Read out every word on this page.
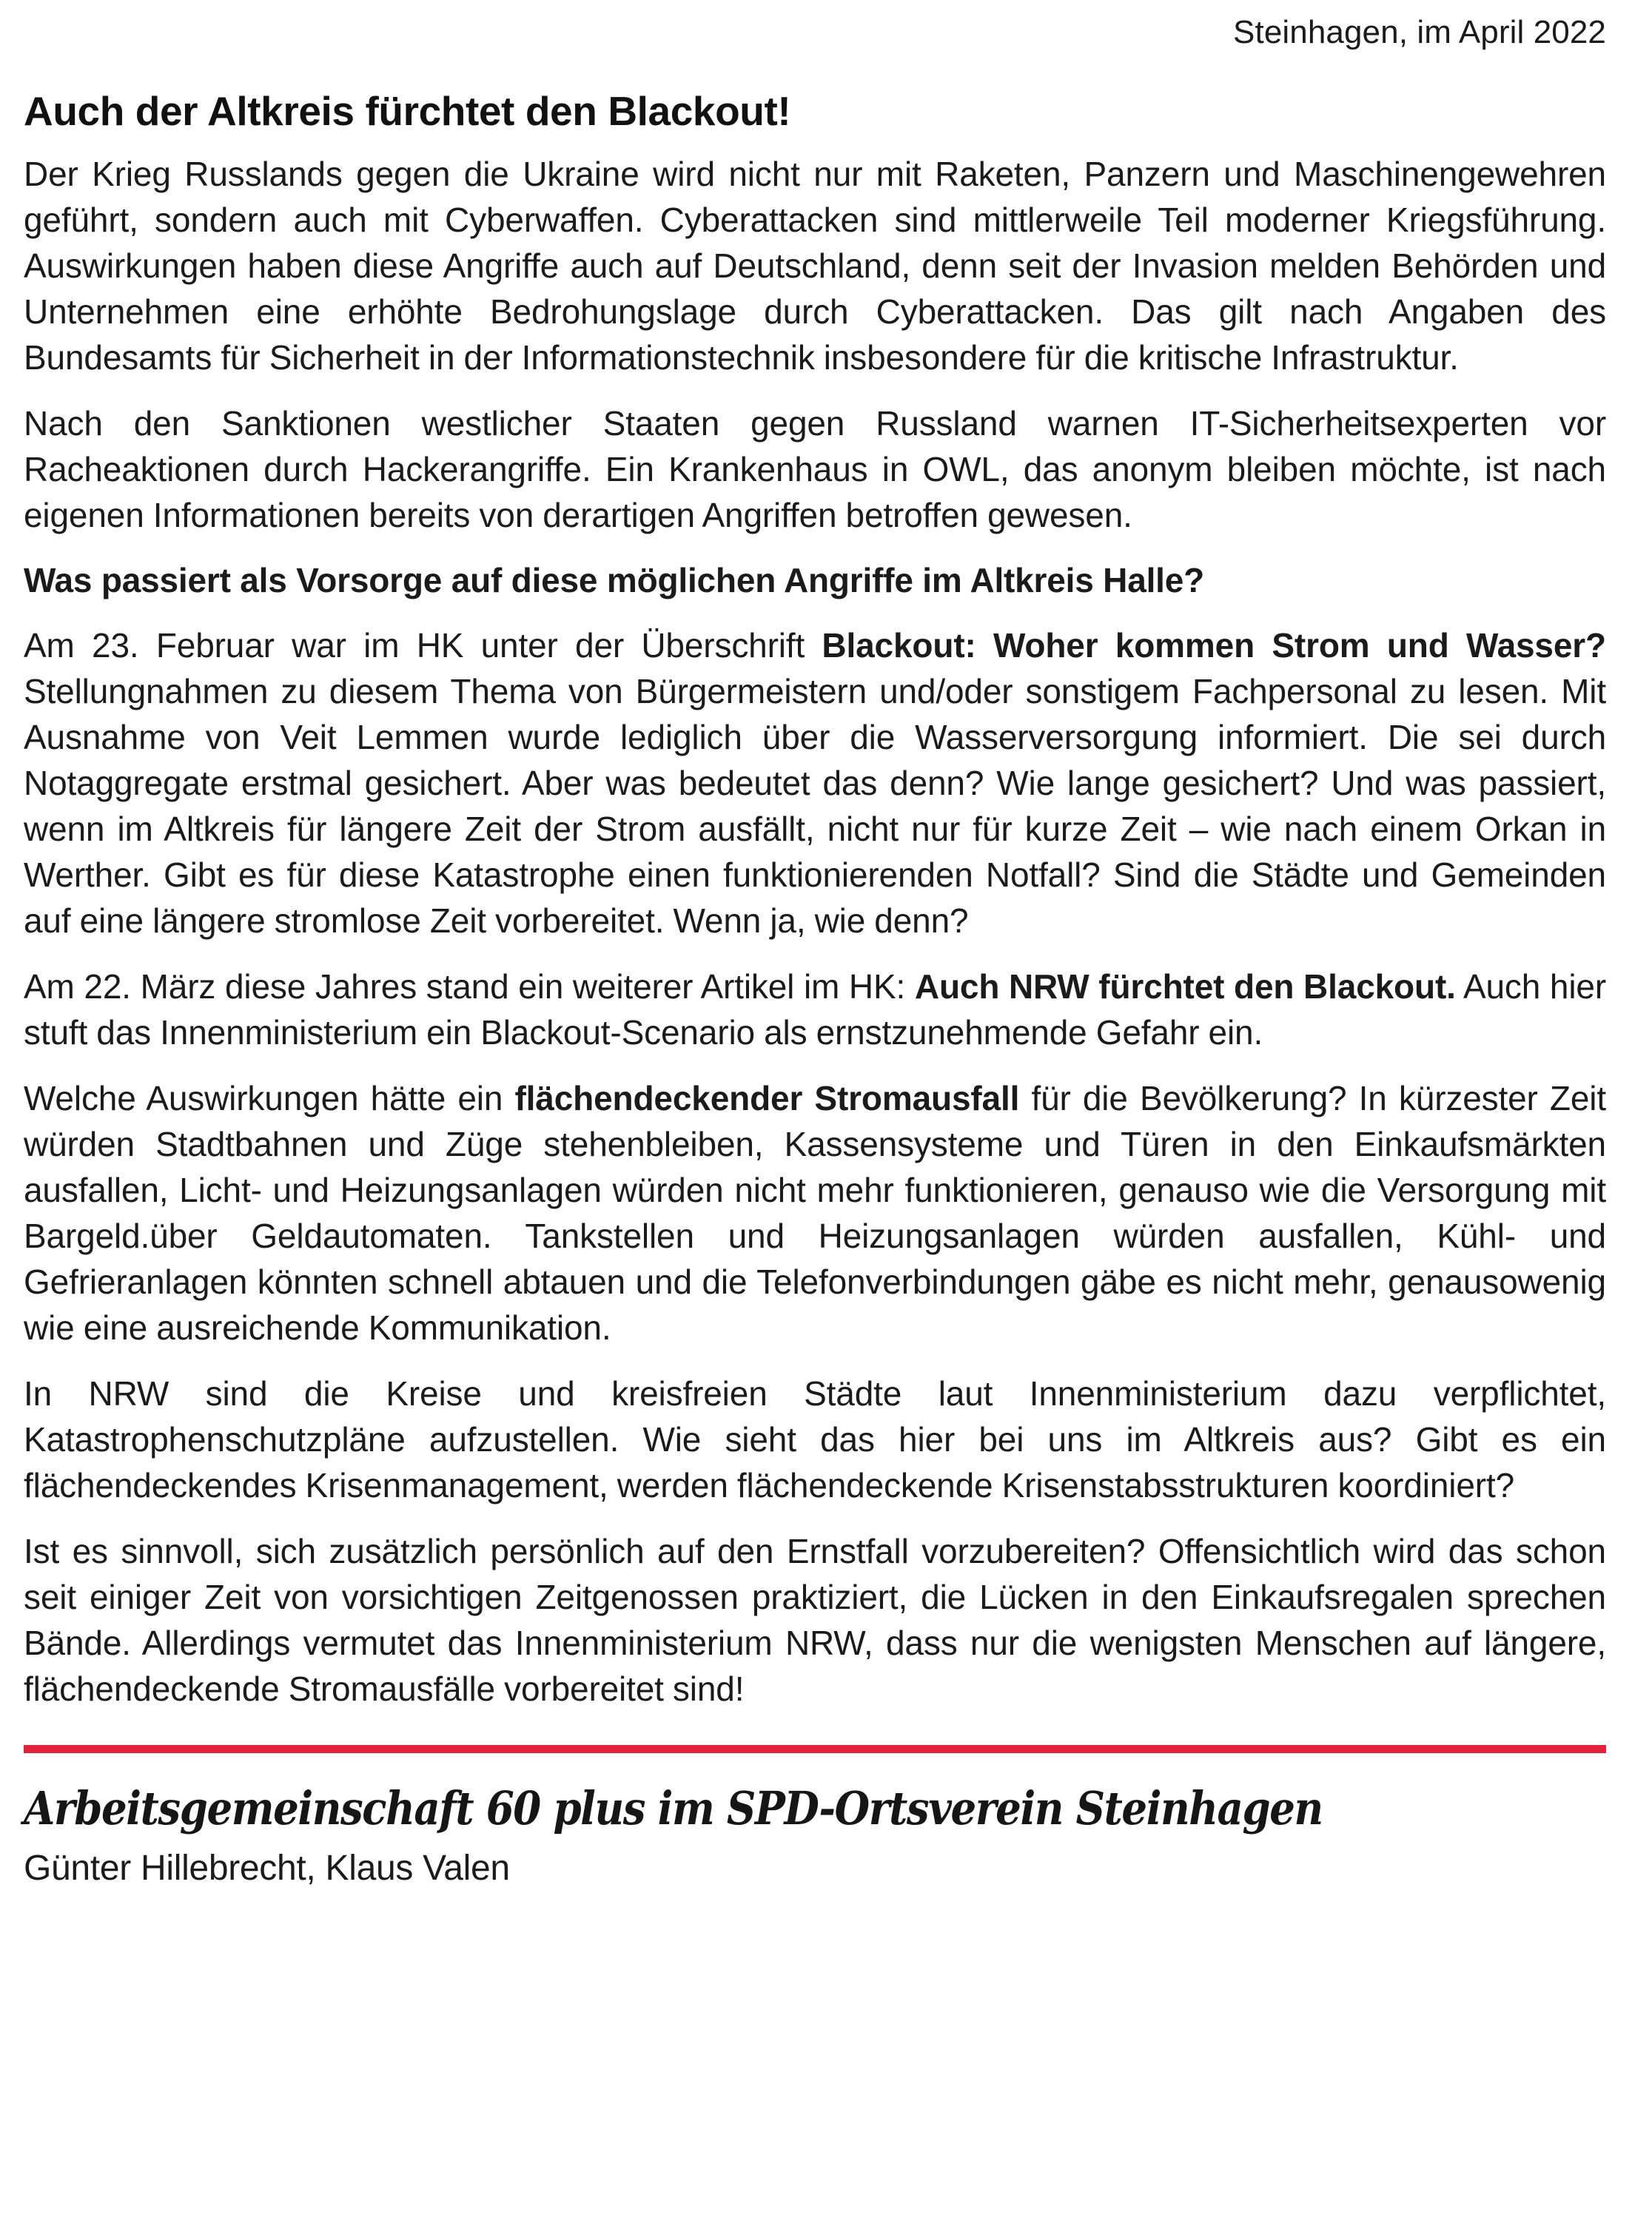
Steinhagen, im April 2022
Auch der Altkreis fürchtet den Blackout!

Der Krieg Russlands gegen die Ukraine wird nicht nur mit Raketen, Panzern und Maschinengewehren geführt, sondern auch mit Cyberwaffen. Cyberattacken sind mittlerweile Teil moderner Kriegsführung. Auswirkungen haben diese Angriffe auch auf Deutschland, denn seit der Invasion melden Behörden und Unternehmen eine erhöhte Bedrohungslage durch Cyberattacken. Das gilt nach Angaben des Bundesamts für Sicherheit in der Informationstechnik insbesondere für die kritische Infrastruktur.

Nach den Sanktionen westlicher Staaten gegen Russland warnen IT-Sicherheitsexperten vor Racheaktionen durch Hackerangriffe. Ein Krankenhaus in OWL, das anonym bleiben möchte, ist nach eigenen Informationen bereits von derartigen Angriffen betroffen gewesen.

Was passiert als Vorsorge auf diese möglichen Angriffe im Altkreis Halle?

Am 23. Februar war im HK unter der Überschrift Blackout: Woher kommen Strom und Wasser? Stellungnahmen zu diesem Thema von Bürgermeistern und/oder sonstigem Fachpersonal zu lesen. Mit Ausnahme von Veit Lemmen wurde lediglich über die Wasserversorgung informiert. Die sei durch Notaggregate erstmal gesichert. Aber was bedeutet das denn? Wie lange gesichert? Und was passiert, wenn im Altkreis für längere Zeit der Strom ausfällt, nicht nur für kurze Zeit – wie nach einem Orkan in Werther. Gibt es für diese Katastrophe einen funktionierenden Notfall? Sind die Städte und Gemeinden auf eine längere stromlose Zeit vorbereitet. Wenn ja, wie denn?

Am 22. März diese Jahres stand ein weiterer Artikel im HK: Auch NRW fürchtet den Blackout. Auch hier stuft das Innenministerium ein Blackout-Scenario als ernstzunehmende Gefahr ein.

Welche Auswirkungen hätte ein flächendeckender Stromausfall für die Bevölkerung? In kürzester Zeit würden Stadtbahnen und Züge stehenbleiben, Kassensysteme und Türen in den Einkaufsmärkten ausfallen, Licht- und Heizungsanlagen würden nicht mehr funktionieren, genauso wie die Versorgung mit Bargeld.über Geldautomaten. Tankstellen und Heizungsanlagen würden ausfallen, Kühl- und Gefrieranlagen könnten schnell abtauen und die Telefonverbindungen gäbe es nicht mehr, genausowenig wie eine ausreichende Kommunikation.

In NRW sind die Kreise und kreisfreien Städte laut Innenministerium dazu verpflichtet, Katastrophenschutzpläne aufzustellen. Wie sieht das hier bei uns im Altkreis aus? Gibt es ein flächendeckendes Krisenmanagement, werden flächendeckende Krisenstabsstrukturen koordiniert?

Ist es sinnvoll, sich zusätzlich persönlich auf den Ernstfall vorzubereiten? Offensichtlich wird das schon seit einiger Zeit von vorsichtigen Zeitgenossen praktiziert, die Lücken in den Einkaufsregalen sprechen Bände. Allerdings vermutet das Innenministerium NRW, dass nur die wenigsten Menschen auf längere, flächendeckende Stromausfälle vorbereitet sind!

Arbeitsgemeinschaft 60 plus im SPD-Ortsverein Steinhagen
Günter Hillebrecht, Klaus Valen
